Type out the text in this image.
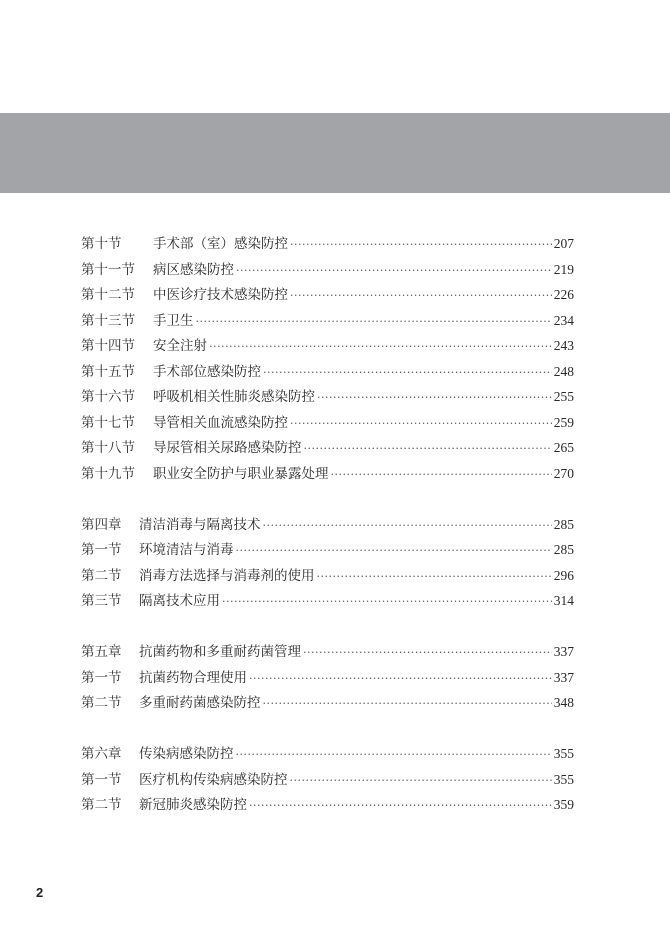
第十节	手术部（室）感染防控 ·····	207
第十一节	病区感染防控 ·····	219
第十二节	中医诊疗技术感染防控 ·····	226
第十三节	手卫生 ·····	234
第十四节	安全注射 ·····	243
第十五节	手术部位感染防控 ·····	248
第十六节	呼吸机相关性肺炎感染防控 ·····	255
第十七节	导管相关血流感染防控 ·····	259
第十八节	导尿管相关尿路感染防控 ·····	265
第十九节	职业安全防护与职业暴露处理 ·····	270
第四章	清洁消毒与隔离技术 ·····	285
第一节	环境清洁与消毒 ·····	285
第二节	消毒方法选择与消毒剂的使用 ·····	296
第三节	隔离技术应用 ·····	314
第五章	抗菌药物和多重耐药菌管理 ·····	337
第一节	抗菌药物合理使用 ·····	337
第二节	多重耐药菌感染防控 ·····	348
第六章	传染病感染防控 ·····	355
第一节	医疗机构传染病感染防控 ·····	355
第二节	新冠肺炎感染防控 ·····	359
2
